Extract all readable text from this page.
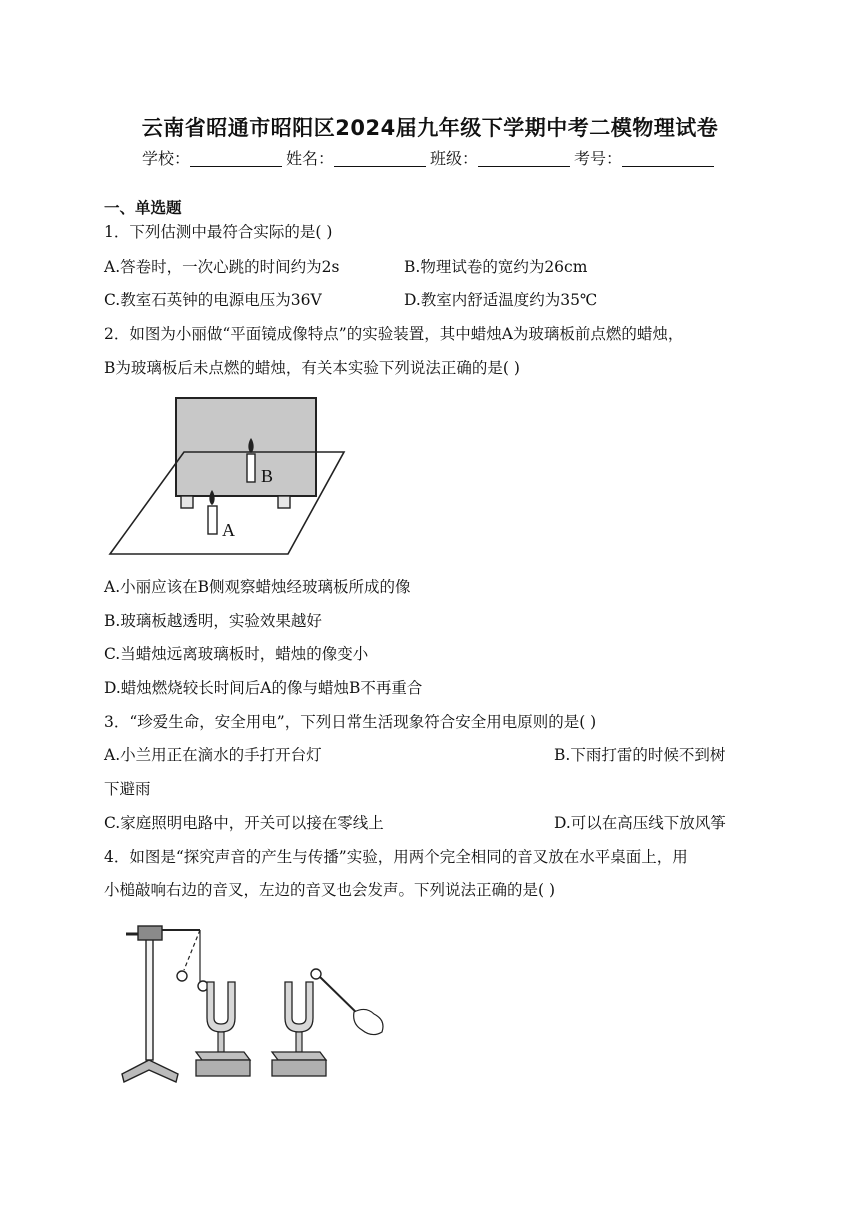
云南省昭通市昭阳区2024届九年级下学期中考二模物理试卷
学校：	姓名：	班级：	考号：
一、单选题
1．下列估测中最符合实际的是( )
A.答卷时，一次心跳的时间约为2s	B.物理试卷的宽约为26cm
C.教室石英钟的电源电压为36V	D.教室内舒适温度约为35℃
2．如图为小丽做“平面镜成像特点”的实验装置，其中蜡烛A为玻璃板前点燃的蜡烛，
B为玻璃板后未点燃的蜡烛，有关本实验下列说法正确的是( )
B
A
A.小丽应该在B侧观察蜡烛经玻璃板所成的像
B.玻璃板越透明，实验效果越好
C.当蜡烛远离玻璃板时，蜡烛的像变小
D.蜡烛燃烧较长时间后A的像与蜡烛B不再重合
3．“珍爱生命，安全用电”，下列日常生活现象符合安全用电原则的是( )
A.小兰用正在滴水的手打开台灯	B.下雨打雷的时候不到树
下避雨
C.家庭照明电路中，开关可以接在零线上	D.可以在高压线下放风筝
4．如图是“探究声音的产生与传播”实验，用两个完全相同的音叉放在水平桌面上，用
小槌敲响右边的音叉，左边的音叉也会发声。下列说法正确的是( )
